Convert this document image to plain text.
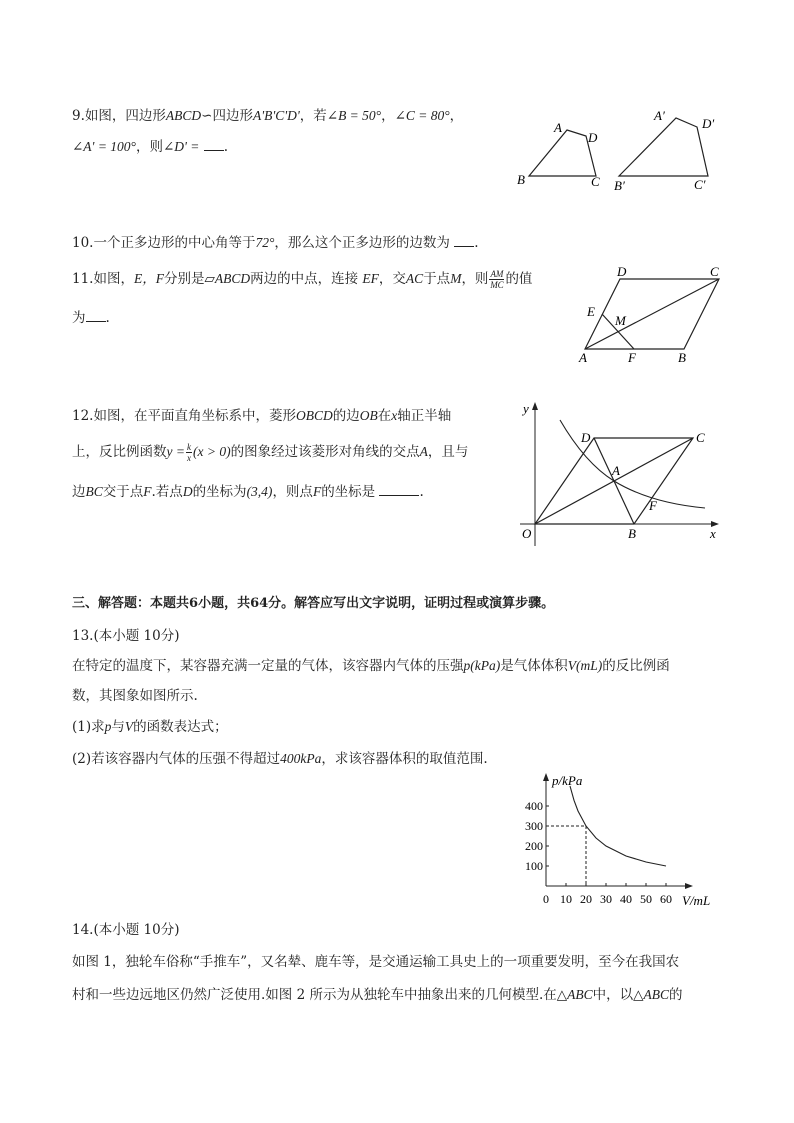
9.如图，四边形ABCD∽四边形A'B'C'D'，若∠B = 50°，∠C = 80°，
∠A' = 100°，则∠D' = .
A
D
B	C
A′
D′
B′	C′
10.一个正多边形的中心角等于72°，那么这个正多边形的边数为 .
11.如图，E，F分别是▱ABCD两边的中点，连接 EF，交AC于点M，则 $\frac{AM}{MC}$ 的值
为 .
D	C
E
M
A	F	B
12.如图，在平面直角坐标系中，菱形OBCD的边OB在x轴正半轴
上，反比例函数$y = \frac{k}{x} (x > 0)$的图象经过该菱形对角线的交点A，且与
边BC交于点F.若点D的坐标为(3,4)，则点F的坐标是	.
y
D	C
A
F
O	B	x
三、解答题：本题共6小题，共64分。解答应写出文字说明，证明过程或演算步骤。
13.(本小题 10分)
在特定的温度下，某容器充满一定量的气体，该容器内气体的压强p(kPa)是气体体积V(mL)的反比例函
数，其图象如图所示.
(1)求p与V的函数表达式；
(2)若该容器内气体的压强不得超过400kPa，求该容器体积的取值范围.
p/kPa
V/mL
0 10 20 30 40 50 60
100
200
300
400
14.(本小题 10分)
如图 1，独轮车俗称“手推车”，又名辇、鹿车等，是交通运输工具史上的一项重要发明，至今在我国农
村和一些边远地区仍然广泛使用.如图 2 所示为从独轮车中抽象出来的几何模型.在△ABC中，以△ABC的
